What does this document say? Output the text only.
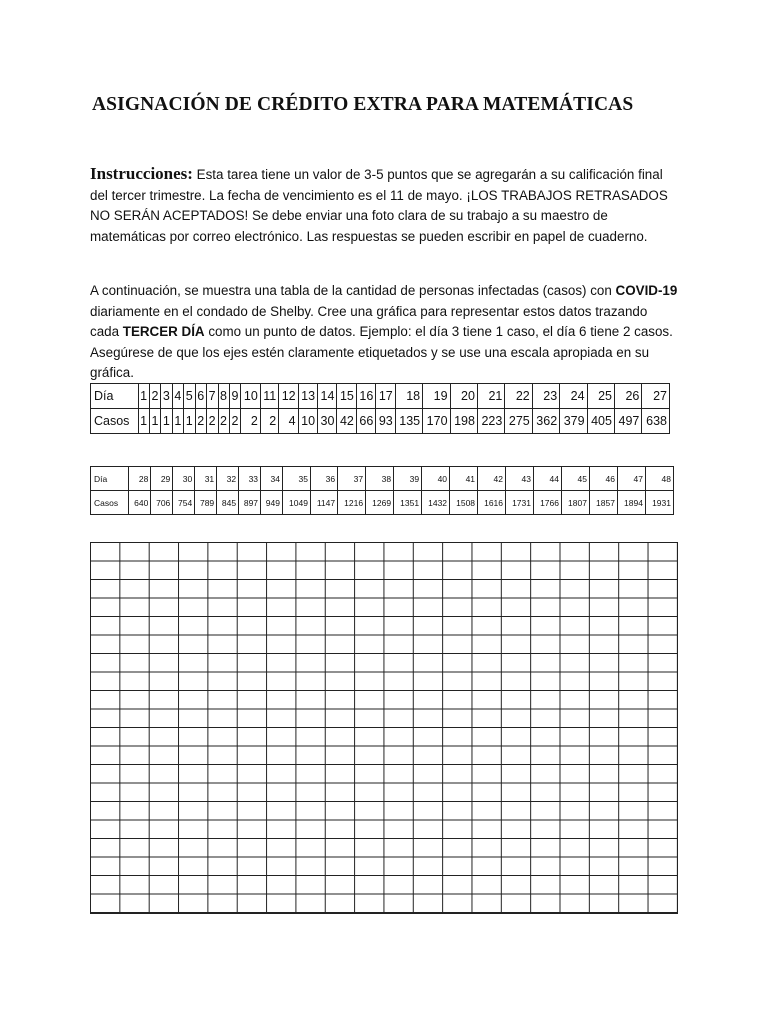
ASIGNACIÓN DE CRÉDITO EXTRA PARA MATEMÁTICAS

Instrucciones: Esta tarea tiene un valor de 3-5 puntos que se agregarán a su calificación final del tercer trimestre. La fecha de vencimiento es el 11 de mayo. ¡LOS TRABAJOS RETRASADOS NO SERÁN ACEPTADOS! Se debe enviar una foto clara de su trabajo a su maestro de matemáticas por correo electrónico. Las respuestas se pueden escribir en papel de cuaderno.

A continuación, se muestra una tabla de la cantidad de personas infectadas (casos) con COVID-19 diariamente en el condado de Shelby. Cree una gráfica para representar estos datos trazando cada TERCER DÍA como un punto de datos. Ejemplo: el día 3 tiene 1 caso, el día 6 tiene 2 casos. Asegúrese de que los ejes estén claramente etiquetados y se use una escala apropiada en su gráfica.

Día	1	2	3	4	5	6	7	8	9	10	11	12	13	14	15	16	17	18	19	20	21	22	23	24	25	26	27
Casos	1	1	1	1	1	2	2	2	2	2	2	4	10	30	42	66	93	135	170	198	223	275	362	379	405	497	638
Día	28	29	30	31	32	33	34	35	36	37	38	39	40	41	42	43	44	45	46	47	48
Casos	640	706	754	789	845	897	949	1049	1147	1216	1269	1351	1432	1508	1616	1731	1766	1807	1857	1894	1931
